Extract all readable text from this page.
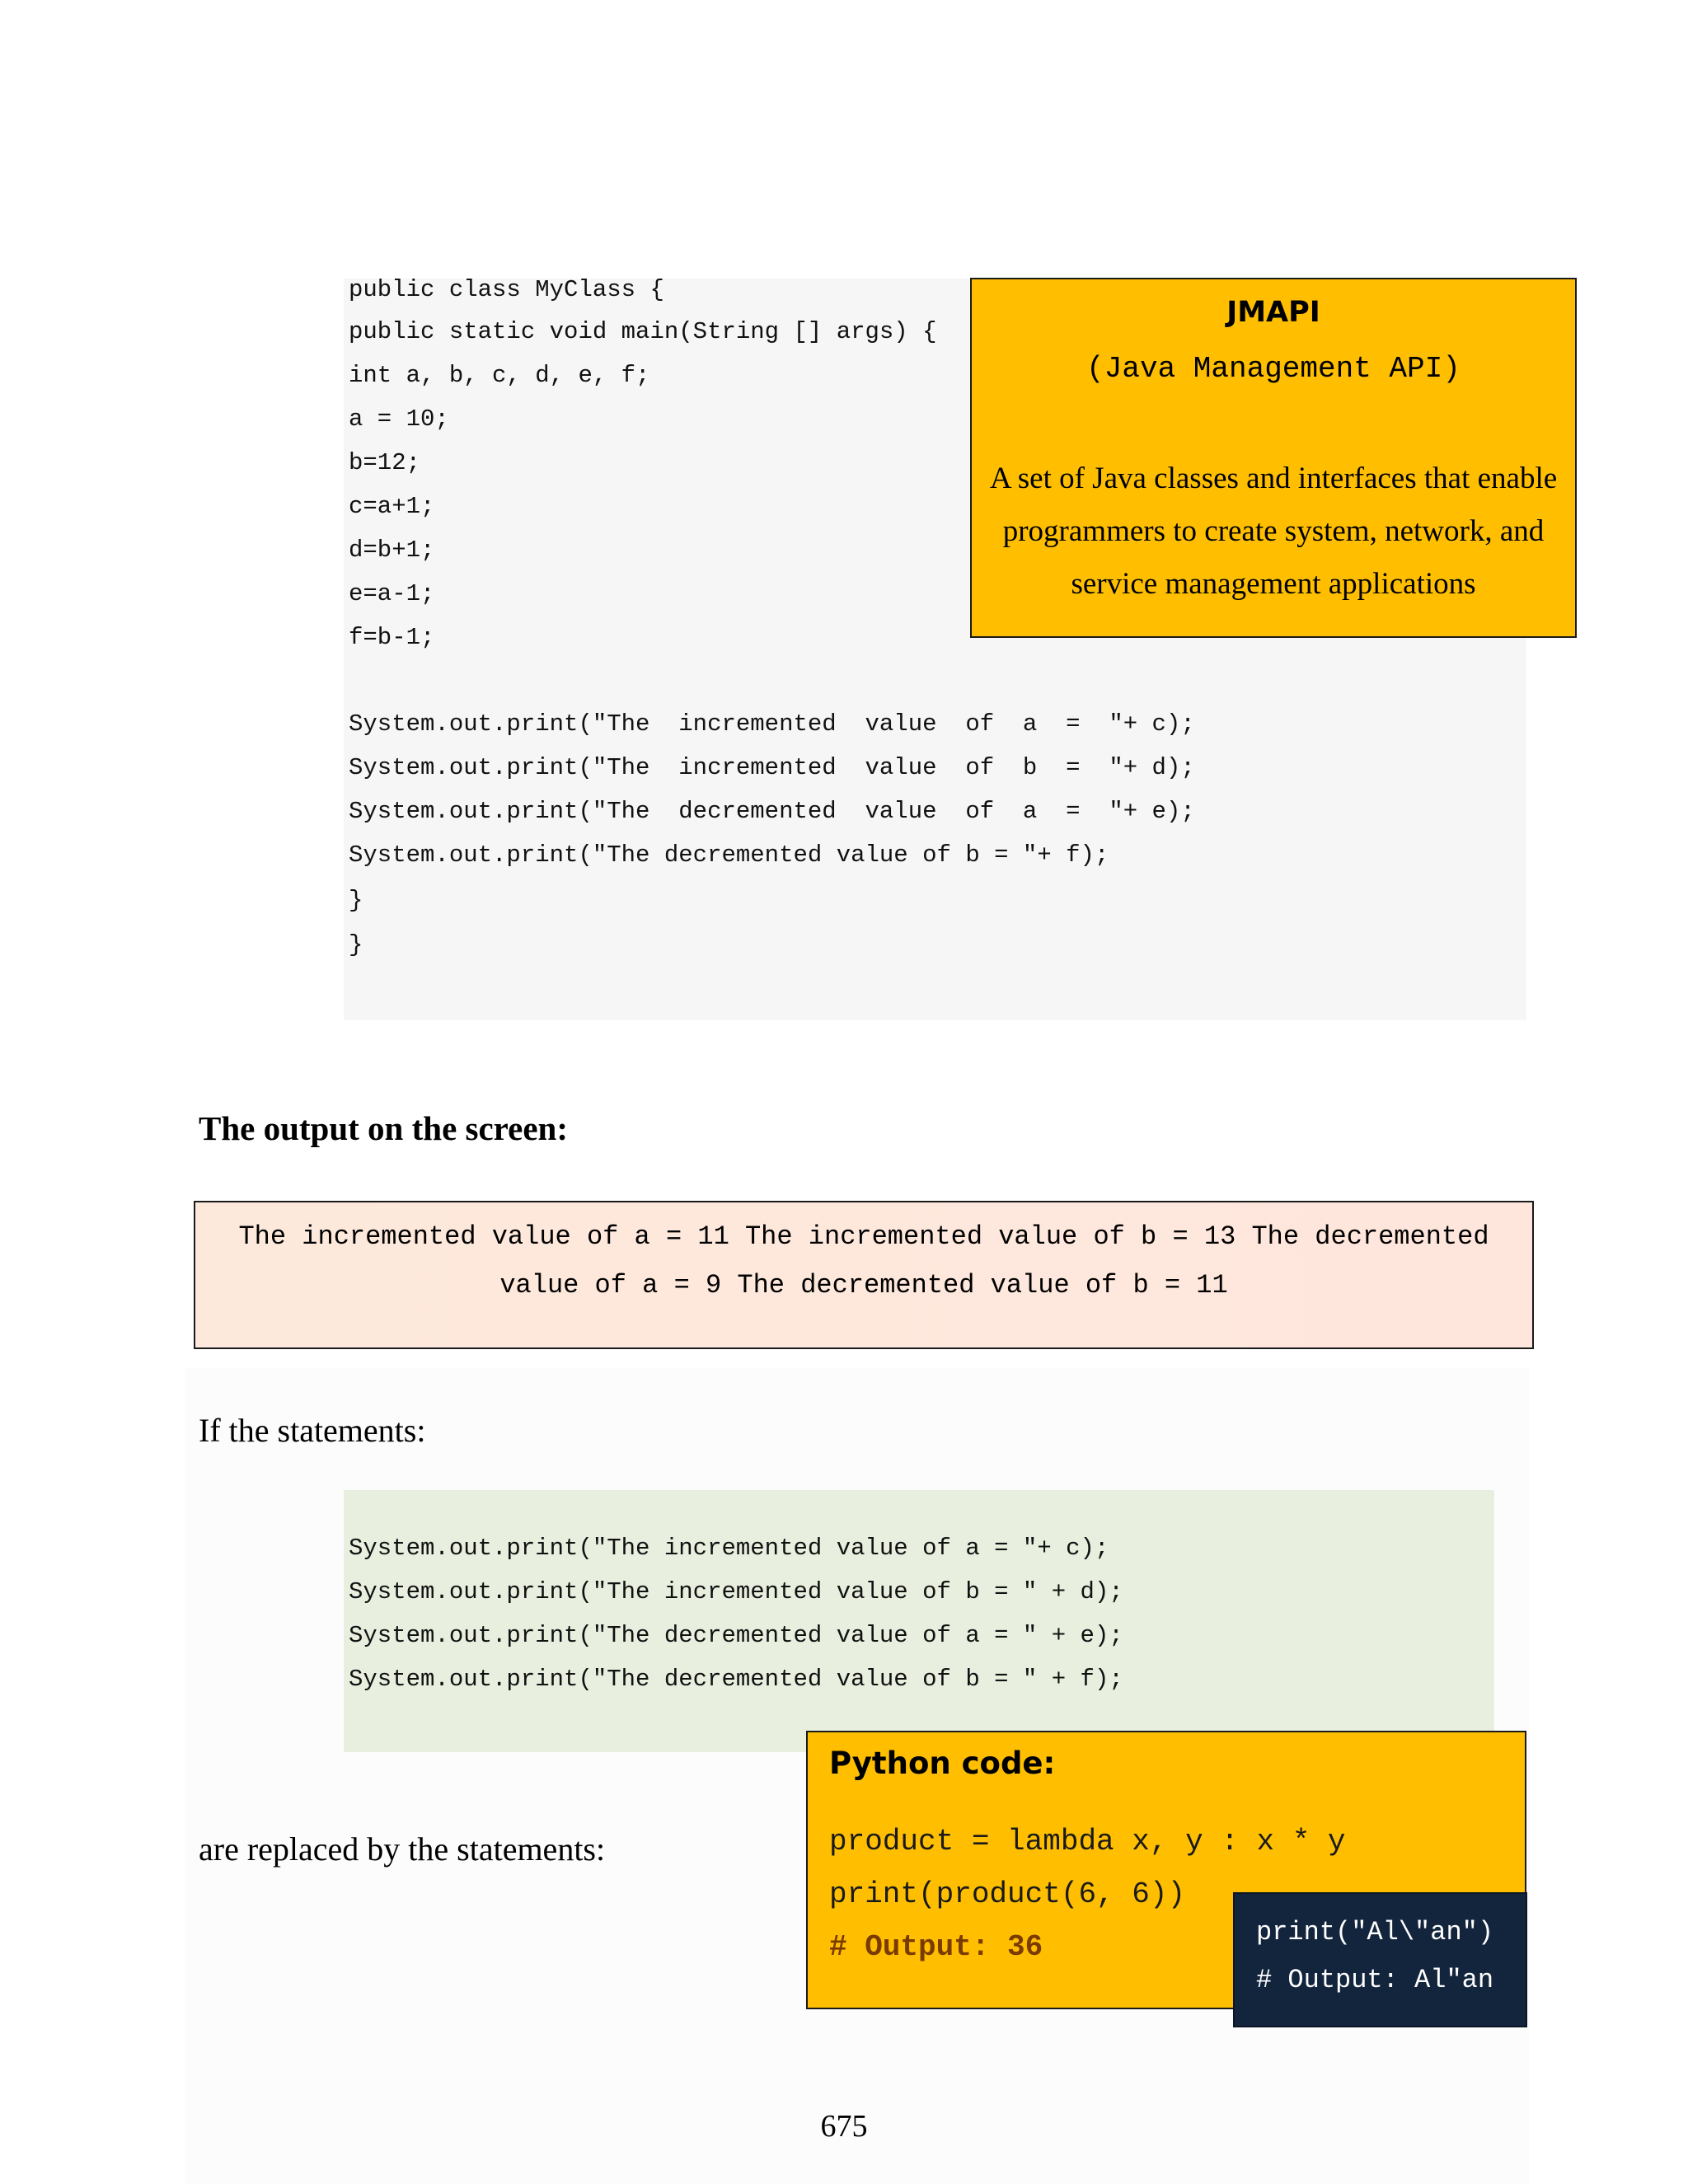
public class MyClass {
public static void main(String [] args) {
int a, b, c, d, e, f;
a = 10;
b=12;
c=a+1;
d=b+1;
e=a-1;
f=b-1;
System.out.print("The  incremented  value  of  a  =  "+ c);
System.out.print("The  incremented  value  of  b  =  "+ d);
System.out.print("The  decremented  value  of  a  =  "+ e);
System.out.print("The decremented value of b = "+ f);
}
}
JMAPI
(Java Management API)
A set of Java classes and interfaces that enable programmers to create system, network, and service management applications
The output on the screen:
The incremented value of a = 11 The incremented value of b = 13 The decremented value of a = 9 The decremented value of b = 11
If the statements:
System.out.print("The incremented value of a = "+ c);
System.out.print("The incremented value of b = " + d);
System.out.print("The decremented value of a = " + e);
System.out.print("The decremented value of b = " + f);
are replaced by the statements:
Python code:
product = lambda x, y : x * y
print(product(6, 6))
# Output: 36	print("Al\"an")
# Output: Al"an
675
